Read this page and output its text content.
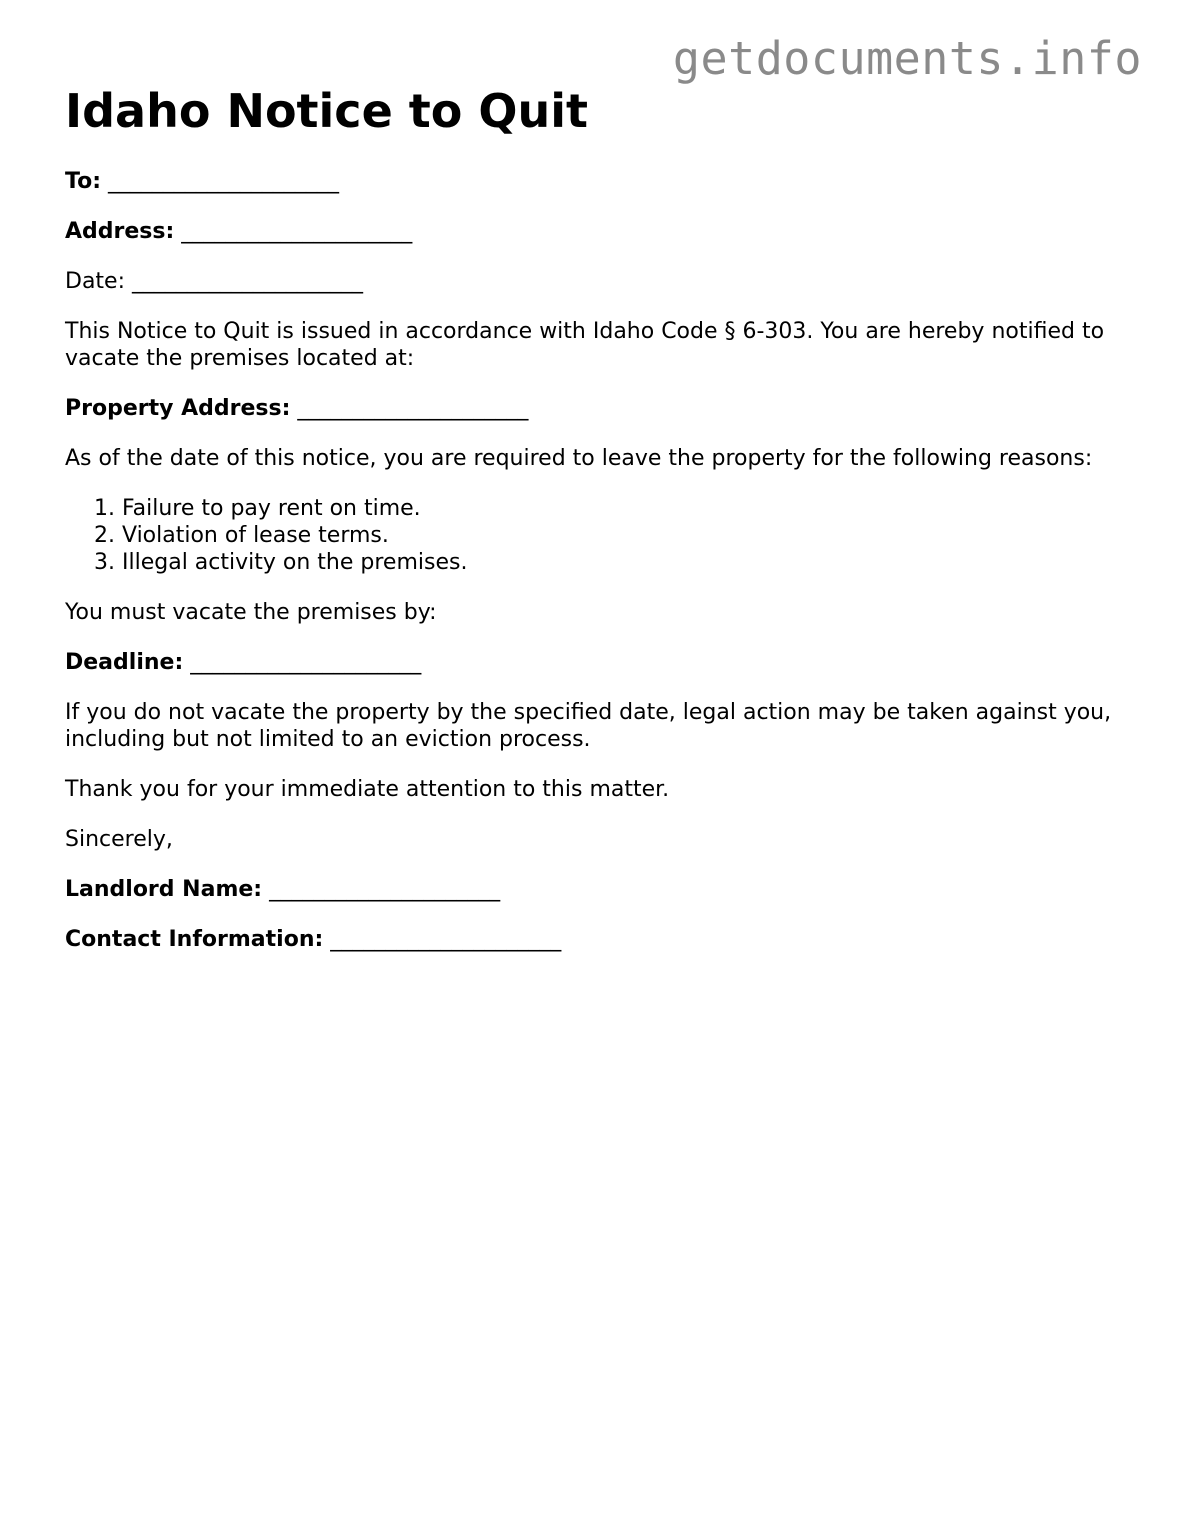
getdocuments.info
Idaho Notice to Quit
To: _____________________
Address: _____________________
Date: _____________________

This Notice to Quit is issued in accordance with Idaho Code § 6-303. You are hereby notified to vacate the premises located at:

Property Address: _____________________

As of the date of this notice, you are required to leave the property for the following reasons:

1. Failure to pay rent on time.
2. Violation of lease terms.
3. Illegal activity on the premises.

You must vacate the premises by:

Deadline: _____________________

If you do not vacate the property by the specified date, legal action may be taken against you, including but not limited to an eviction process.

Thank you for your immediate attention to this matter.

Sincerely,

Landlord Name: _____________________
Contact Information: _____________________
